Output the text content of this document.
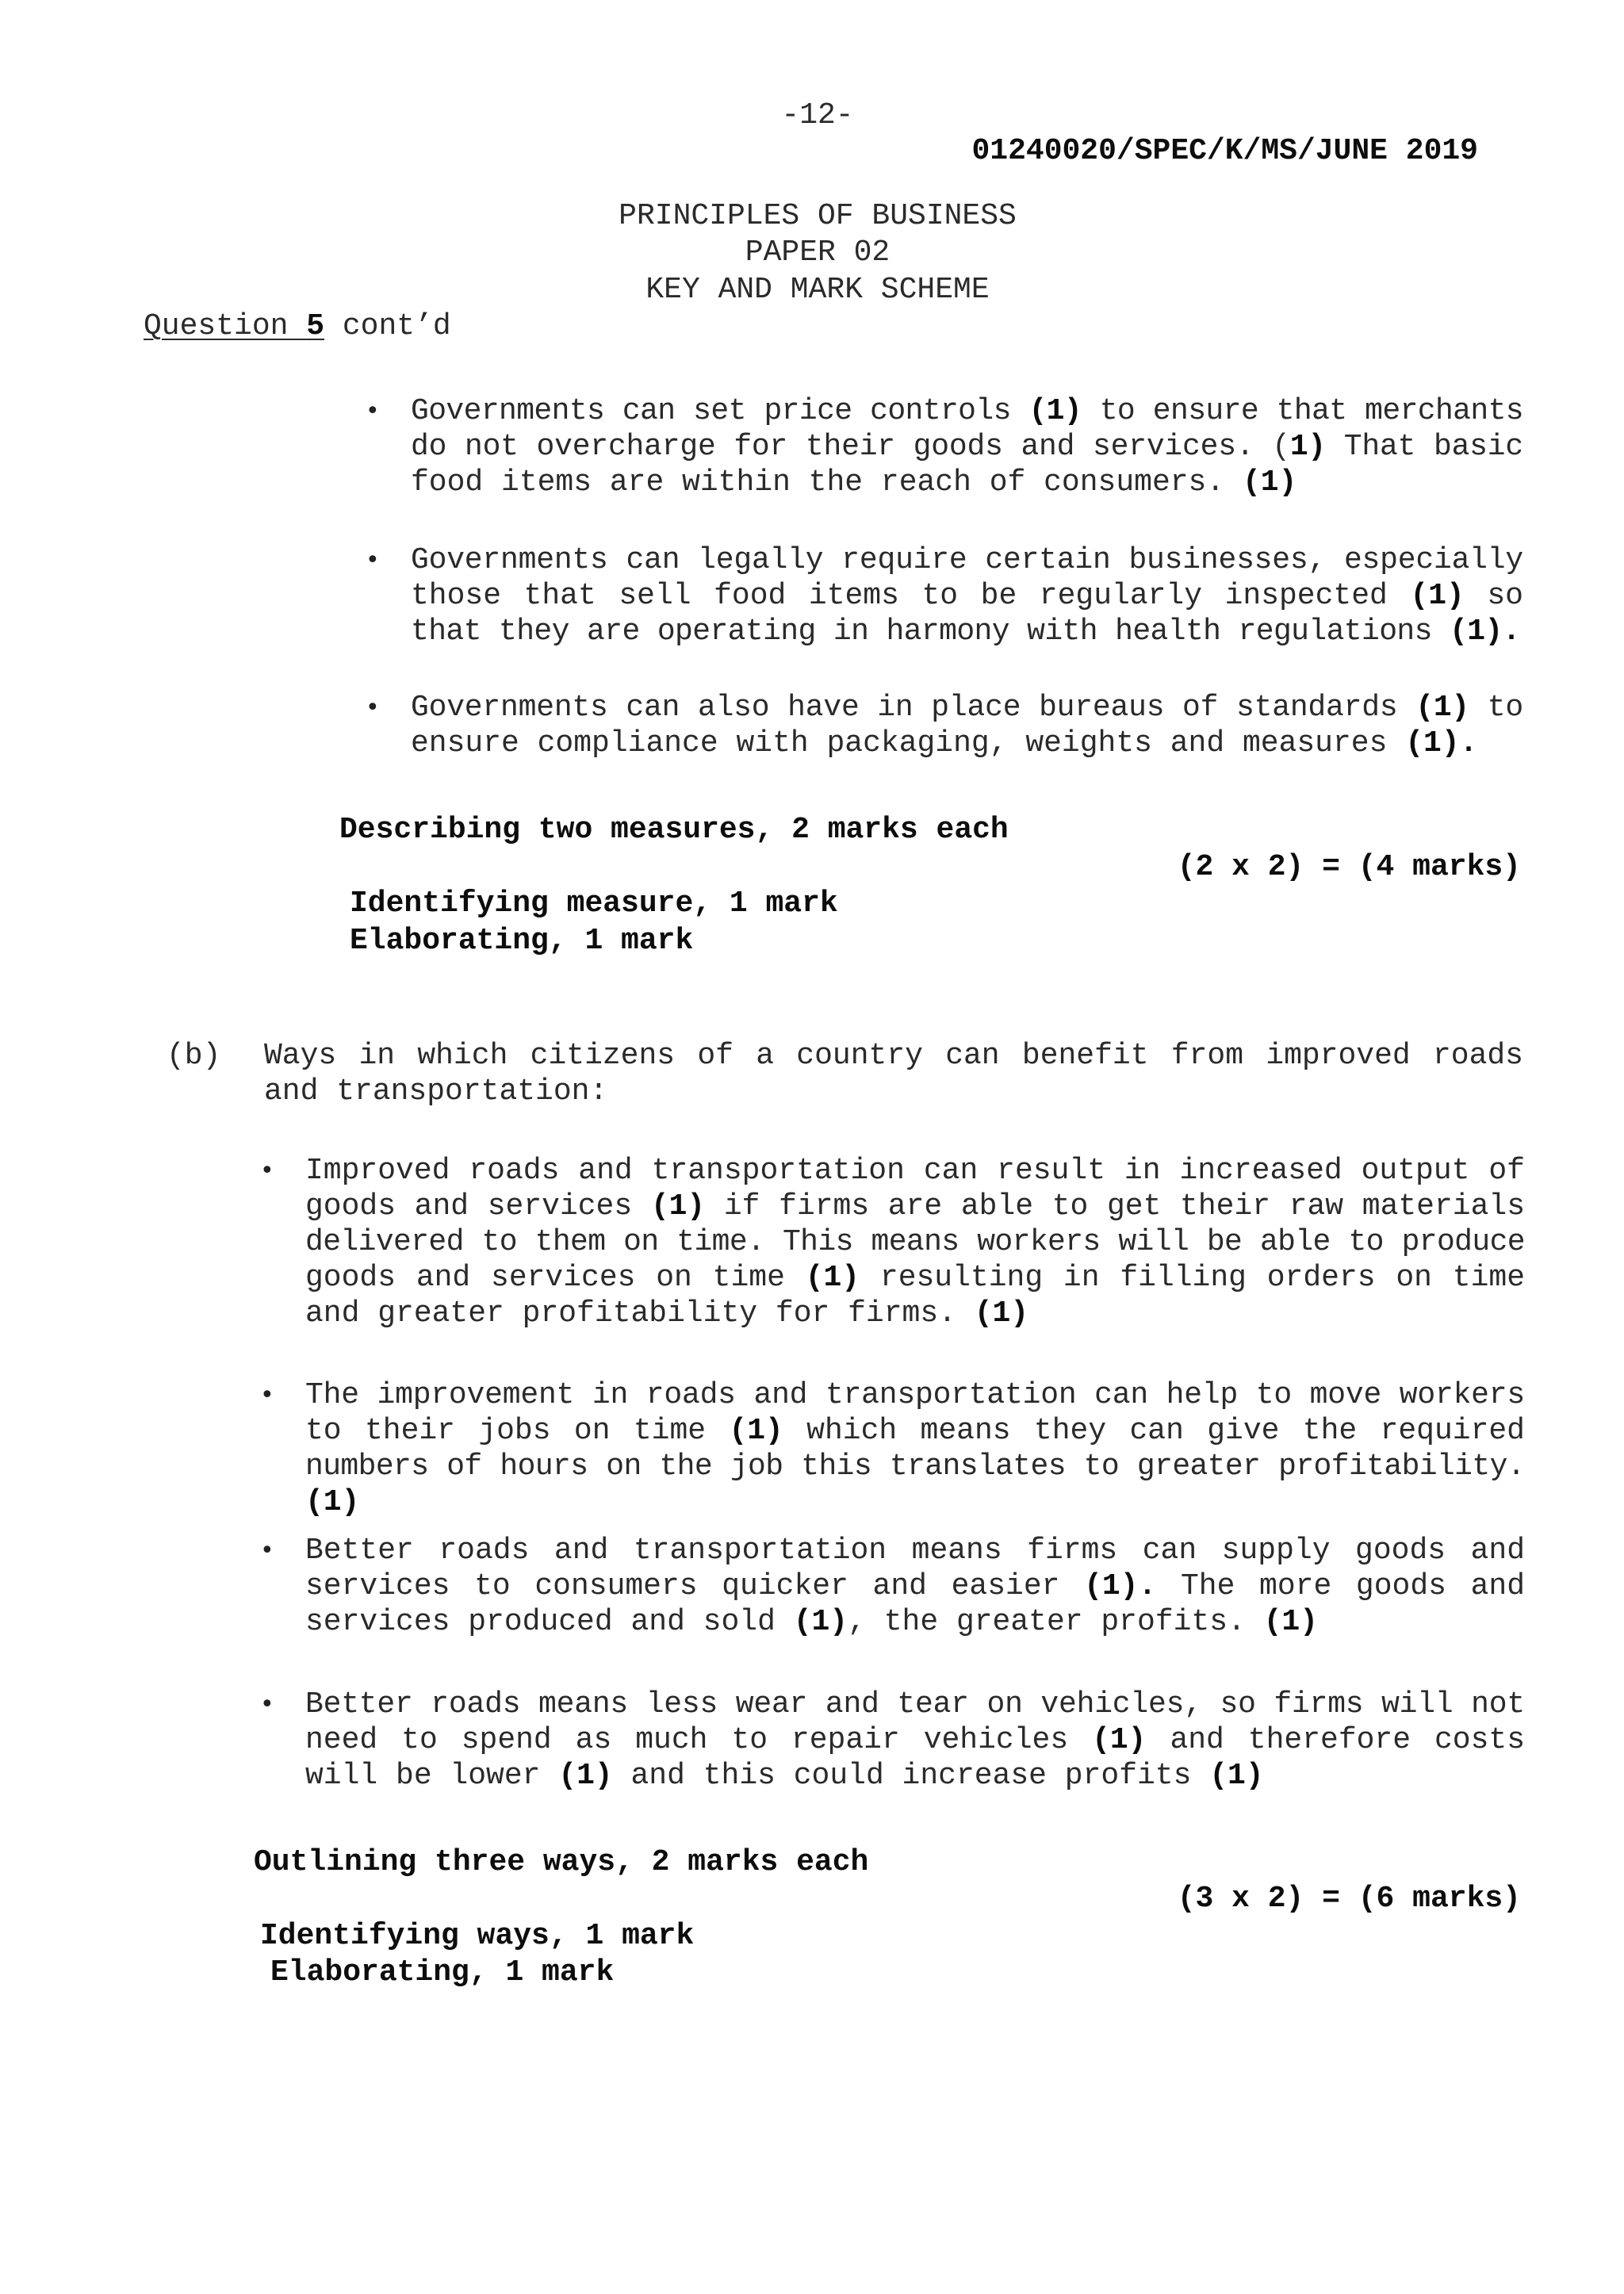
-12-
01240020/SPEC/K/MS/JUNE 2019
PRINCIPLES OF BUSINESS
PAPER 02
KEY AND MARK SCHEME
Question 5 cont’d
• Governments can set price controls (1) to ensure that merchants
do not overcharge for their goods and services. (1) That basic
food items are within the reach of consumers. (1)
• Governments can legally require certain businesses, especially
those that sell food items to be regularly inspected (1) so
that they are operating in harmony with health regulations (1).
• Governments can also have in place bureaus of standards (1) to
ensure compliance with packaging, weights and measures (1).
Describing two measures, 2 marks each
(2 x 2) = (4 marks)
Identifying measure, 1 mark
Elaborating, 1 mark
(b) Ways in which citizens of a country can benefit from improved roads
and transportation:
• Improved roads and transportation can result in increased output of
goods and services (1) if firms are able to get their raw materials
delivered to them on time. This means workers will be able to produce
goods and services on time (1) resulting in filling orders on time
and greater profitability for firms. (1)
• The improvement in roads and transportation can help to move workers
to their jobs on time (1) which means they can give the required
numbers of hours on the job this translates to greater profitability.
(1)
• Better roads and transportation means firms can supply goods and
services to consumers quicker and easier (1). The more goods and
services produced and sold (1), the greater profits. (1)
• Better roads means less wear and tear on vehicles, so firms will not
need to spend as much to repair vehicles (1) and therefore costs
will be lower (1) and this could increase profits (1)
Outlining three ways, 2 marks each
(3 x 2) = (6 marks)
Identifying ways, 1 mark
Elaborating, 1 mark
